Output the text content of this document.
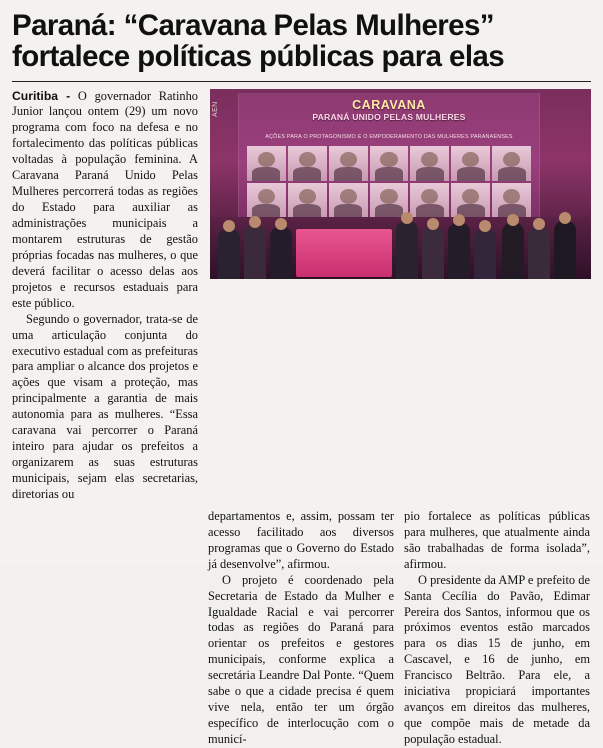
Paraná: “Caravana Pelas Mulheres”
fortalece políticas públicas para elas
CARAVANA
PARANÁ UNIDO PELAS MULHERES
AÇÕES PARA O PROTAGONISMO E O EMPODERAMENTO DAS MULHERES PARANAENSES
AEN

Curitiba - O governador Ratinho Junior lançou ontem (29) um novo programa com foco na defesa e no fortalecimento das políticas públicas voltadas à população feminina. A Caravana Paraná Unido Pelas Mulheres percorrerá todas as regiões do Estado para auxiliar as administrações municipais a montarem estruturas de gestão próprias focadas nas mulheres, o que deverá facilitar o acesso delas aos projetos e recursos estaduais para este público.

Segundo o governador, trata-se de uma articulação conjunta do executivo estadual com as prefeituras para ampliar o alcance dos projetos e ações que visam a proteção, mas principalmente a garantia de mais autonomia para as mulheres. “Essa caravana vai percorrer o Paraná inteiro para ajudar os prefeitos a organizarem as suas estruturas municipais, sejam elas secretarias, diretorias ou

departamentos e, assim, possam ter acesso facilitado aos diversos programas que o Governo do Estado já desenvolve”, afirmou.

O projeto é coordenado pela Secretaria de Estado da Mulher e Igualdade Racial e vai percorrer todas as regiões do Paraná para orientar os prefeitos e gestores municipais, conforme explica a secretária Leandre Dal Ponte. “Quem sabe o que a cidade precisa é quem vive nela, então ter um órgão específico de interlocução com o municí-

pio fortalece as políticas públicas para mulheres, que atualmente ainda são trabalhadas de forma isolada”, afirmou.

O presidente da AMP e prefeito de Santa Cecília do Pavão, Edimar Pereira dos Santos, informou que os próximos eventos estão marcados para os dias 15 de junho, em Cascavel, e 16 de junho, em Francisco Beltrão. Para ele, a iniciativa propiciará importantes avanços em direitos das mulheres, que compõe mais de metade da população estadual.
